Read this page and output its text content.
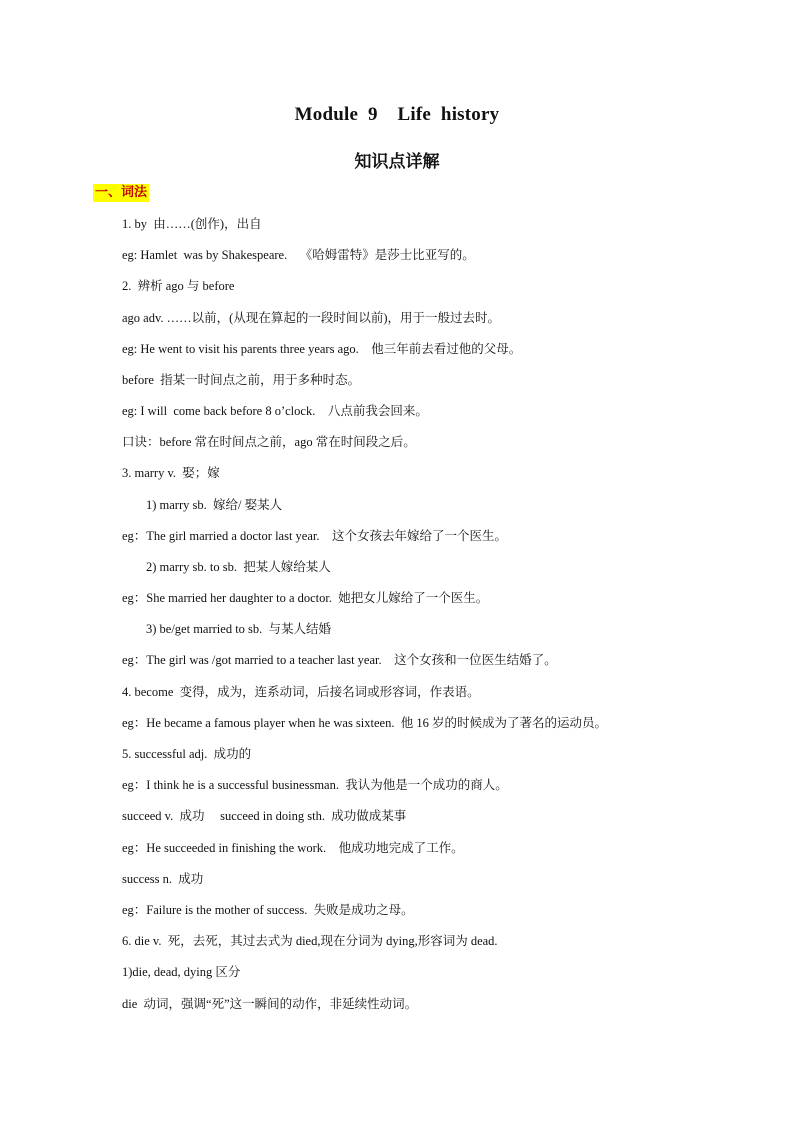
Module  9    Life  history
知识点详解
一、词法
1. by  由……(创作)，出自
eg: Hamlet  was by Shakespeare.    《哈姆雷特》是莎士比亚写的。
2.  辨析 ago 与 before
ago adv. ……以前，(从现在算起的一段时间以前)，用于一般过去时。
eg: He went to visit his parents three years ago.    他三年前去看过他的父母。
before  指某一时间点之前，用于多种时态。
eg: I will  come back before 8 o’clock.    八点前我会回来。
口诀：before 常在时间点之前，ago 常在时间段之后。
3. marry v.  娶；嫁
1) marry sb.  嫁给/ 娶某人
eg：The girl married a doctor last year.    这个女孩去年嫁给了一个医生。
2) marry sb. to sb.  把某人嫁给某人
eg：She married her daughter to a doctor.  她把女儿嫁给了一个医生。
3) be/get married to sb.  与某人结婚
eg：The girl was /got married to a teacher last year.    这个女孩和一位医生结婚了。
4. become  变得，成为，连系动词，后接名词或形容词，作表语。
eg：He became a famous player when he was sixteen.  他 16 岁的时候成为了著名的运动员。
5. successful adj.  成功的
eg：I think he is a successful businessman.  我认为他是一个成功的商人。
succeed v.  成功     succeed in doing sth.  成功做成某事
eg：He succeeded in finishing the work.    他成功地完成了工作。
success n.  成功
eg：Failure is the mother of success.  失败是成功之母。
6. die v.  死，去死，其过去式为 died,现在分词为 dying,形容词为 dead.
1)die, dead, dying 区分
die  动词，强调“死”这一瞬间的动作，非延续性动词。
